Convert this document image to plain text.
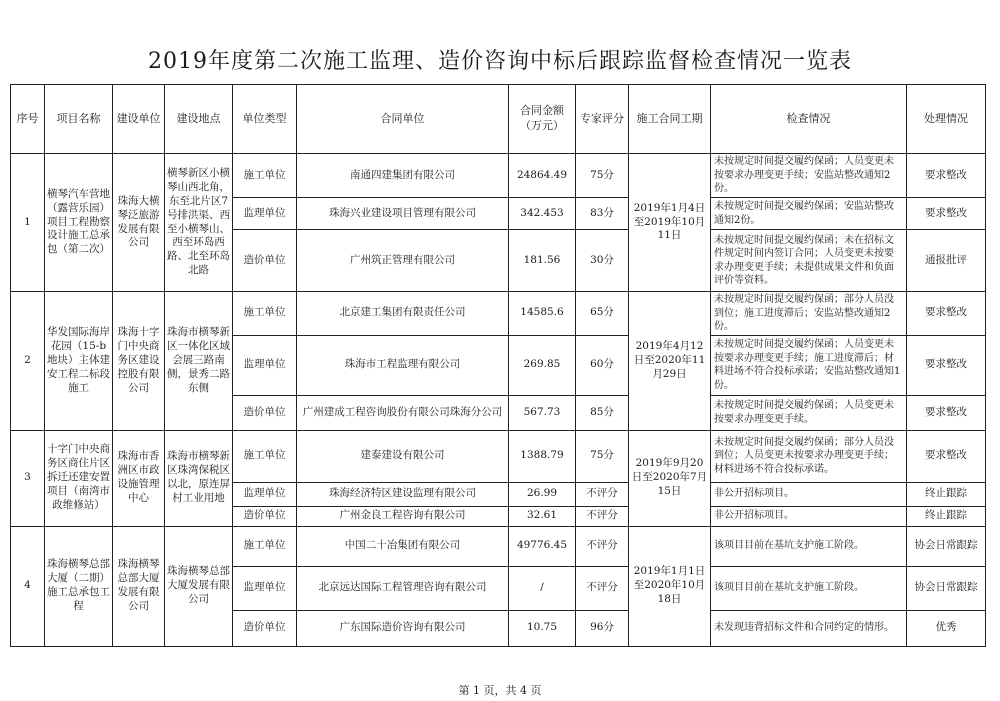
2019年度第二次施工监理、造价咨询中标后跟踪监督检查情况一览表
序号	项目名称	建设单位	建设地点	单位类型	合同单位	合同金额（万元）	专家评分	施工合同工期	检查情况	处理情况
1	横琴汽车营地（露营乐园）项目工程勘察设计施工总承包（第二次）	珠海大横琴泛旅游发展有限公司	横琴新区小横琴山西北角，东至北片区7号排洪渠、西至小横琴山、西至环岛西路、北至环岛北路	施工单位	南通四建集团有限公司	24864.49	75分	2019年1月4日至2019年10月11日	未按规定时间提交履约保函；人员变更未按要求办理变更手续；安监站整改通知2份。	要求整改
				监理单位	珠海兴业建设项目管理有限公司	342.453	83分		未按规定时间提交履约保函；安监站整改通知2份。	要求整改
				造价单位	广州筑正管理有限公司	181.56	30分		未按规定时间提交履约保函；未在招标文件规定时间内签订合同；人员变更未按要求办理变更手续；未提供成果文件和负面评价等资料。	通报批评
2	华发国际海岸花园（15-b地块）主体建安工程二标段施工	珠海十字门中央商务区建设控股有限公司	珠海市横琴新区一体化区域会展三路南侧，景秀二路东侧	施工单位	北京建工集团有限责任公司	14585.6	65分	2019年4月12日至2020年11月29日	未按规定时间提交履约保函；部分人员没到位；施工进度滞后；安监站整改通知2份。	要求整改
				监理单位	珠海市工程监理有限公司	269.85	60分		未按规定时间提交履约保函；人员变更未按要求办理变更手续；施工进度滞后；材料进场不符合投标承诺；安监站整改通知1份。	要求整改
				造价单位	广州建成工程咨询股份有限公司珠海分公司	567.73	85分		未按规定时间提交履约保函；人员变更未按要求办理变更手续。	要求整改
3	十字门中央商务区商住片区拆迁还建安置项目（南湾市政维修站）	珠海市香洲区市政设施管理中心	珠海市横琴新区珠湾保税区以北，原连屏村工业用地	施工单位	建泰建设有限公司	1388.79	75分	2019年9月20日至2020年7月15日	未按规定时间提交履约保函；部分人员没到位；人员变更未按要求办理变更手续；材料进场不符合投标承诺。	要求整改
				监理单位	珠海经济特区建设监理有限公司	26.99	不评分		非公开招标项目。	终止跟踪
				造价单位	广州金良工程咨询有限公司	32.61	不评分		非公开招标项目。	终止跟踪
4	珠海横琴总部大厦（二期）施工总承包工程	珠海横琴总部大厦发展有限公司	珠海横琴总部大厦发展有限公司	施工单位	中国二十冶集团有限公司	49776.45	不评分	2019年1月1日至2020年10月18日	该项目目前在基坑支护施工阶段。	协会日常跟踪
				监理单位	北京远达国际工程管理咨询有限公司	/	不评分		该项目目前在基坑支护施工阶段。	协会日常跟踪
				造价单位	广东国际造价咨询有限公司	10.75	96分		未发现违背招标文件和合同约定的情形。	优秀
第 1 页，共 4 页
